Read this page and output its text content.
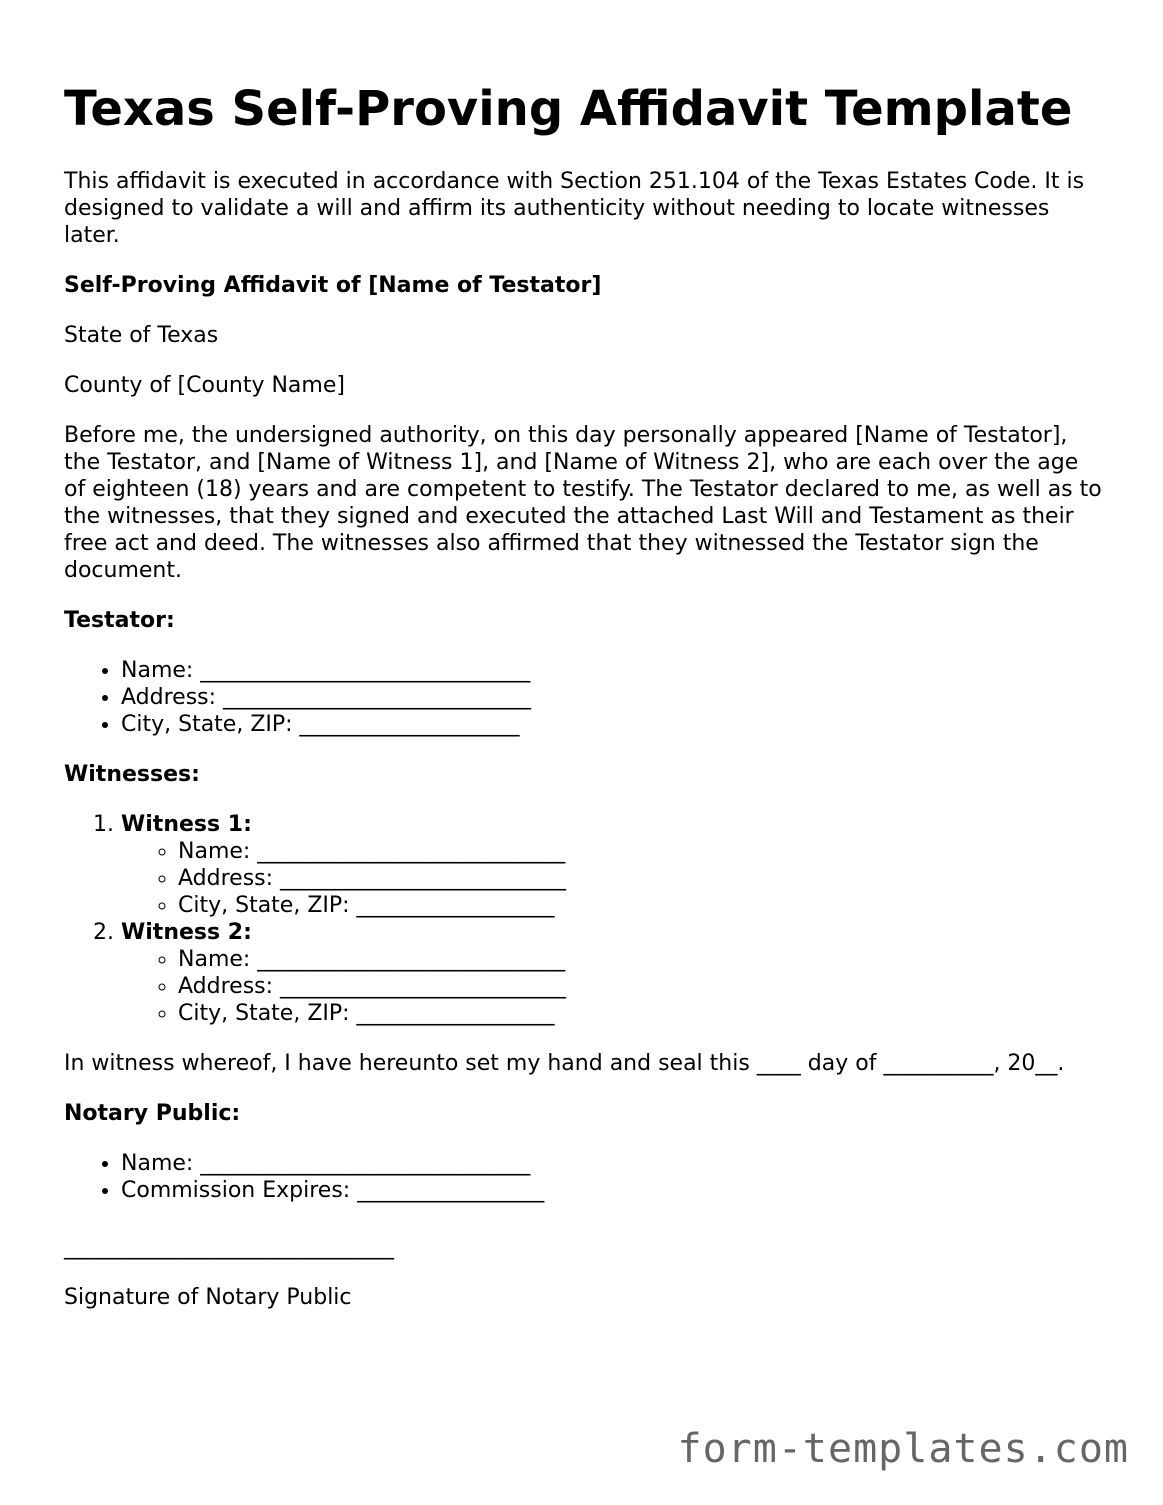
Texas Self-Proving Affidavit Template

This affidavit is executed in accordance with Section 251.104 of the Texas Estates Code. It is designed to validate a will and affirm its authenticity without needing to locate witnesses later.

Self-Proving Affidavit of [Name of Testator]

State of Texas

County of [County Name]

Before me, the undersigned authority, on this day personally appeared [Name of Testator], the Testator, and [Name of Witness 1], and [Name of Witness 2], who are each over the age of eighteen (18) years and are competent to testify. The Testator declared to me, as well as to the witnesses, that they signed and executed the attached Last Will and Testament as their free act and deed. The witnesses also affirmed that they witnessed the Testator sign the document.

Testator:

• Name: ______________________________
• Address: ____________________________
• City, State, ZIP: ____________________

Witnesses:

1. Witness 1:
◦ Name: ____________________________
◦ Address: __________________________
◦ City, State, ZIP: __________________
2. Witness 2:
◦ Name: ____________________________
◦ Address: __________________________
◦ City, State, ZIP: __________________

In witness whereof, I have hereunto set my hand and seal this ____ day of __________, 20__.

Notary Public:

• Name: ______________________________
• Commission Expires: _________________

______________________________

Signature of Notary Public

form-templates.com
